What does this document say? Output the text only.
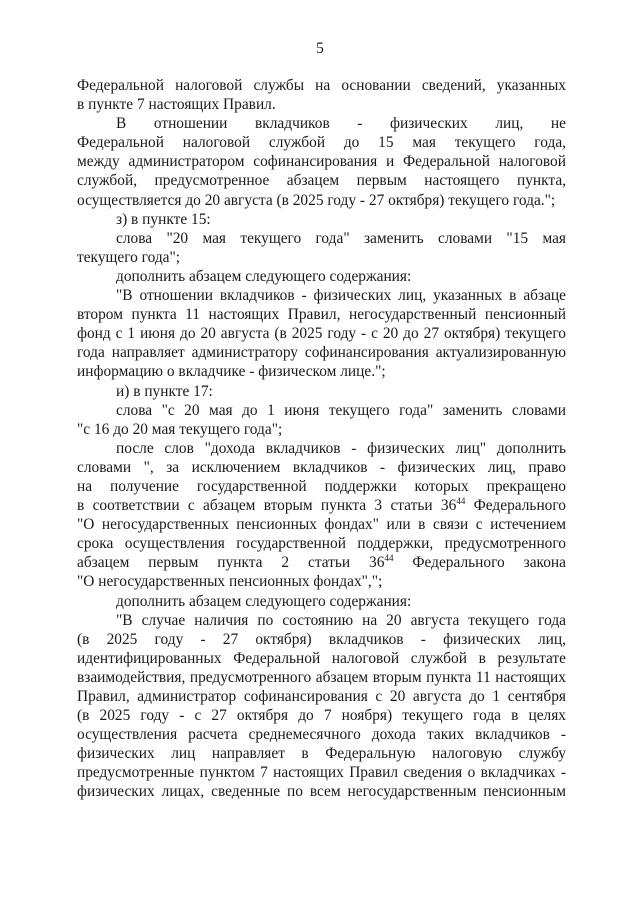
5
Федеральной налоговой службы на основании сведений, указанных
в пункте 7 настоящих Правил.
В отношении вкладчиков - физических лиц, не
Федеральной налоговой службой до 15 мая текущего года,
между администратором софинансирования и Федеральной налоговой
службой, предусмотренное абзацем первым настоящего пункта,
осуществляется до 20 августа (в 2025 году - 27 октября) текущего года.";
з) в пункте 15:
слова "20 мая текущего года" заменить словами "15 мая
текущего года";
дополнить абзацем следующего содержания:
"В отношении вкладчиков - физических лиц, указанных в абзаце
втором пункта 11 настоящих Правил, негосударственный пенсионный
фонд с 1 июня до 20 августа (в 2025 году - с 20 до 27 октября) текущего
года направляет администратору софинансирования актуализированную
информацию о вкладчике - физическом лице.";
и) в пункте 17:
слова "с 20 мая до 1 июня текущего года" заменить словами
"с 16 до 20 мая текущего года";
после слов "дохода вкладчиков - физических лиц" дополнить
словами ", за исключением вкладчиков - физических лиц, право
на получение государственной поддержки которых прекращено
в соответствии с абзацем вторым пункта 3 статьи $36^{44}$ Федерального
"О негосударственных пенсионных фондах" или в связи с истечением
срока осуществления государственной поддержки, предусмотренного
абзацем первым пункта 2 статьи $36^{44}$ Федерального закона
"О негосударственных пенсионных фондах",";
дополнить абзацем следующего содержания:
"В случае наличия по состоянию на 20 августа текущего года
(в 2025 году - 27 октября) вкладчиков - физических лиц,
идентифицированных Федеральной налоговой службой в результате
взаимодействия, предусмотренного абзацем вторым пункта 11 настоящих
Правил, администратор софинансирования с 20 августа до 1 сентября
(в 2025 году - с 27 октября до 7 ноября) текущего года в целях
осуществления расчета среднемесячного дохода таких вкладчиков -
физических лиц направляет в Федеральную налоговую службу
предусмотренные пунктом 7 настоящих Правил сведения о вкладчиках -
физических лицах, сведенные по всем негосударственным пенсионным
